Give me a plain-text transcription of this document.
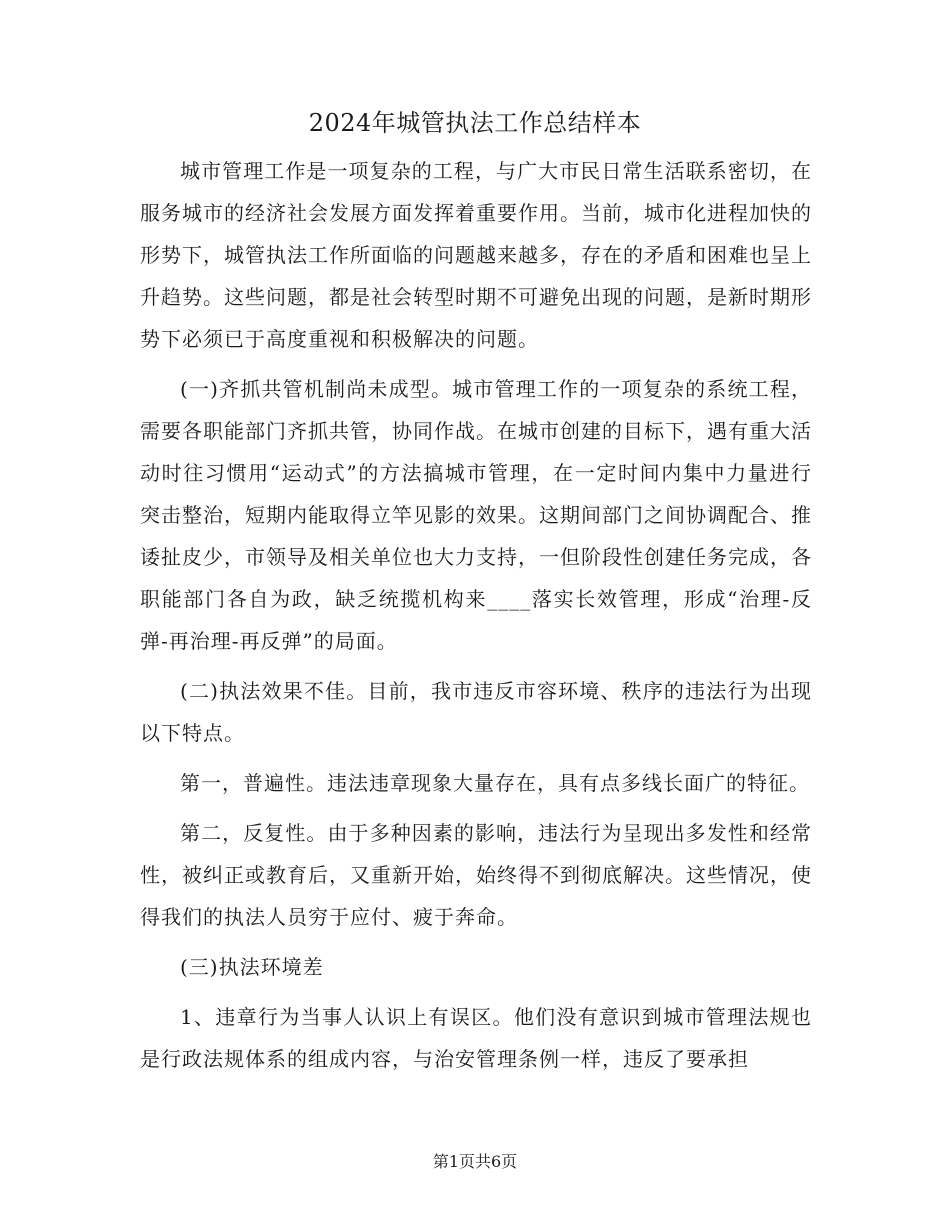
2024年城管执法工作总结样本

城市管理工作是一项复杂的工程，与广大市民日常生活联系密切，在服务城市的经济社会发展方面发挥着重要作用。当前，城市化进程加快的形势下，城管执法工作所面临的问题越来越多，存在的矛盾和困难也呈上升趋势。这些问题，都是社会转型时期不可避免出现的问题，是新时期形势下必须已于高度重视和积极解决的问题。

(一)齐抓共管机制尚未成型。城市管理工作的一项复杂的系统工程，需要各职能部门齐抓共管，协同作战。在城市创建的目标下，遇有重大活动时往习惯用“运动式”的方法搞城市管理，在一定时间内集中力量进行突击整治，短期内能取得立竿见影的效果。这期间部门之间协调配合、推诿扯皮少，市领导及相关单位也大力支持，一但阶段性创建任务完成，各职能部门各自为政，缺乏统揽机构来____落实长效管理，形成“治理-反弹-再治理-再反弹”的局面。

(二)执法效果不佳。目前，我市违反市容环境、秩序的违法行为出现以下特点。

第一，普遍性。违法违章现象大量存在，具有点多线长面广的特征。

第二，反复性。由于多种因素的影响，违法行为呈现出多发性和经常性，被纠正或教育后，又重新开始，始终得不到彻底解决。这些情况，使得我们的执法人员穷于应付、疲于奔命。

(三)执法环境差

1、违章行为当事人认识上有误区。他们没有意识到城市管理法规也是行政法规体系的组成内容，与治安管理条例一样，违反了要承担

第1页共6页
